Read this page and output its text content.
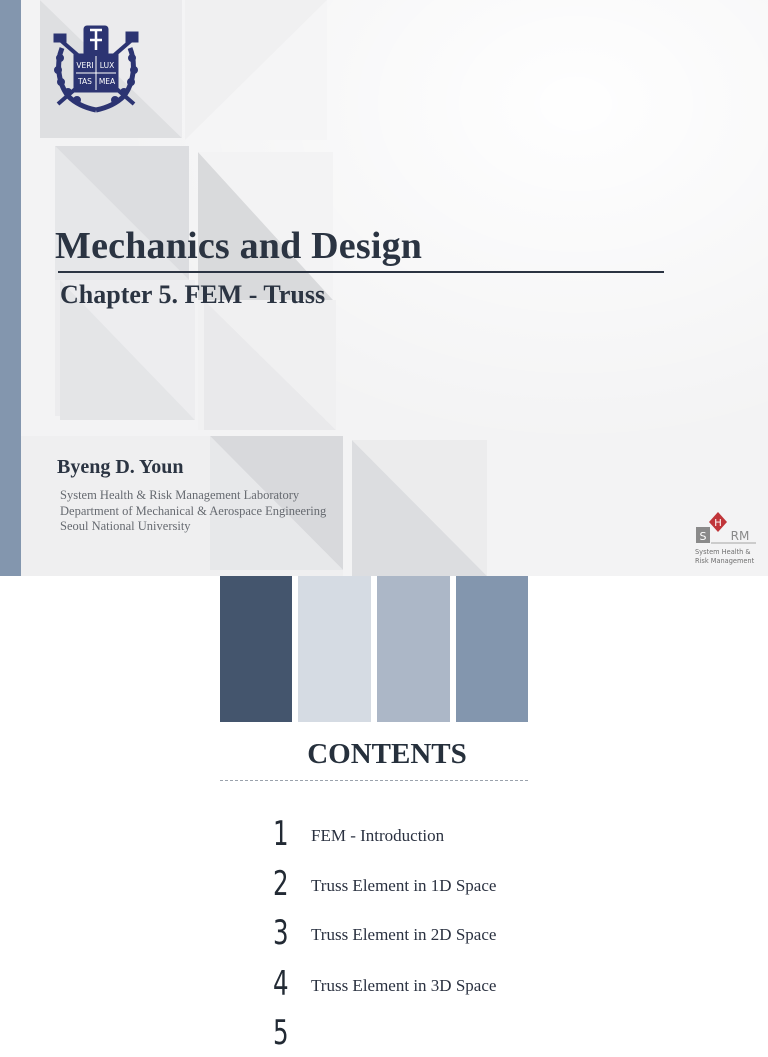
VERI LUX
TAS MEA
Mechanics and Design
Chapter 5. FEM - Truss
Byeng D. Youn
System Health & Risk Management Laboratory
Department of Mechanical & Aerospace Engineering
Seoul National University	H
S RM
System Health &
Risk Management
CONTENTS
1 FEM - Introduction
2 Truss Element in 1D Space
3 Truss Element in 2D Space
4 Truss Element in 3D Space
5
